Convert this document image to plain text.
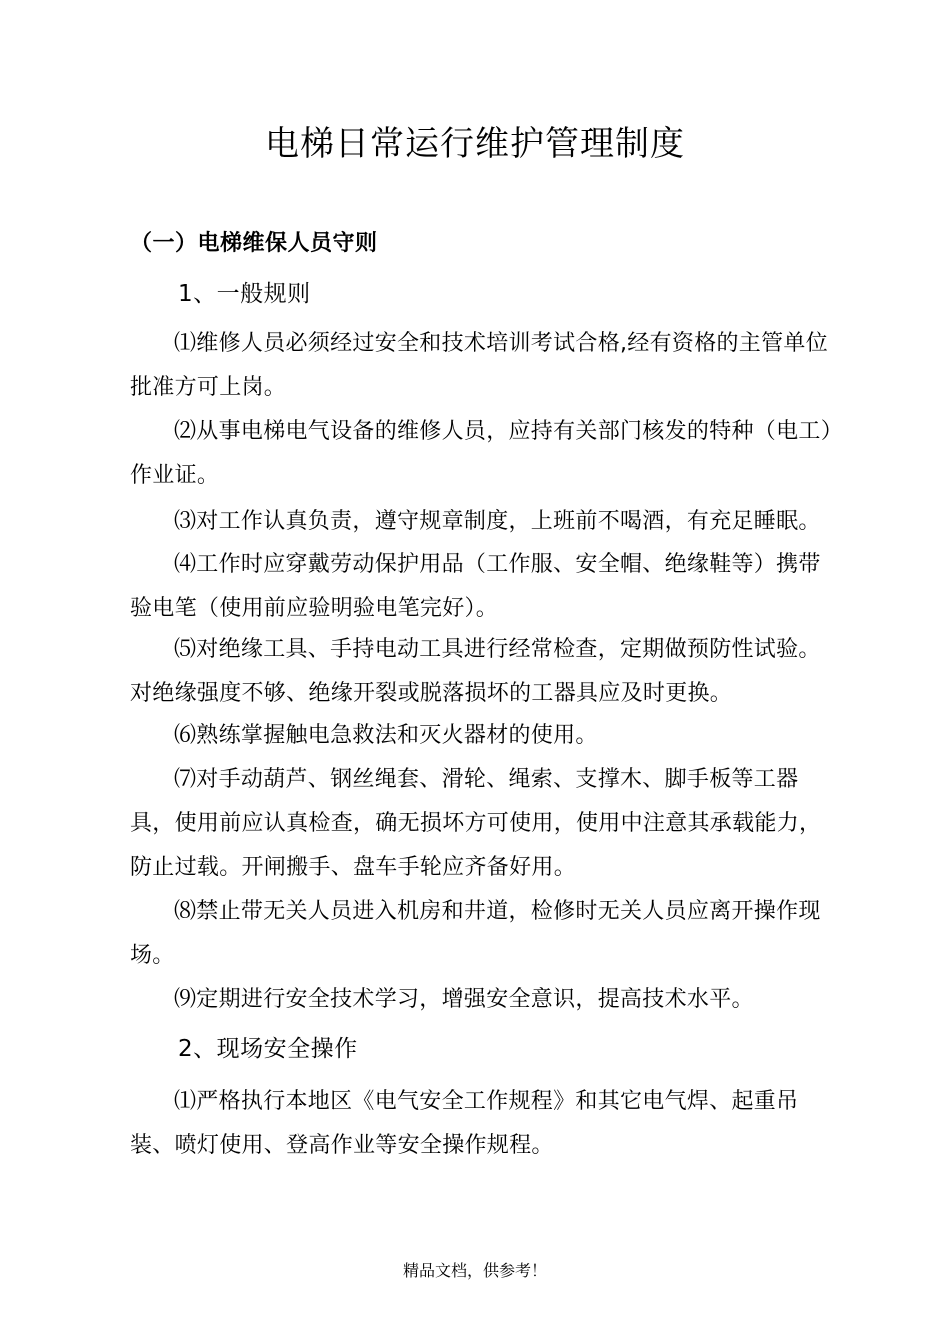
电梯日常运行维护管理制度
（一）电梯维保人员守则
1、一般规则
⑴维修人员必须经过安全和技术培训考试合格,经有资格的主管单位批准方可上岗。
⑵从事电梯电气设备的维修人员，应持有关部门核发的特种（电工）作业证。
⑶对工作认真负责，遵守规章制度，上班前不喝酒，有充足睡眠。
⑷工作时应穿戴劳动保护用品（工作服、安全帽、绝缘鞋等）携带验电笔（使用前应验明验电笔完好）。
⑸对绝缘工具、手持电动工具进行经常检查，定期做预防性试验。对绝缘强度不够、绝缘开裂或脱落损坏的工器具应及时更换。
⑹熟练掌握触电急救法和灭火器材的使用。
⑺对手动葫芦、钢丝绳套、滑轮、绳索、支撑木、脚手板等工器具，使用前应认真检查，确无损坏方可使用，使用中注意其承载能力，防止过载。开闸搬手、盘车手轮应齐备好用。
⑻禁止带无关人员进入机房和井道，检修时无关人员应离开操作现场。
⑼定期进行安全技术学习，增强安全意识，提高技术水平。
2、现场安全操作
⑴严格执行本地区《电气安全工作规程》和其它电气焊、起重吊装、喷灯使用、登高作业等安全操作规程。
精品文档，供参考！
